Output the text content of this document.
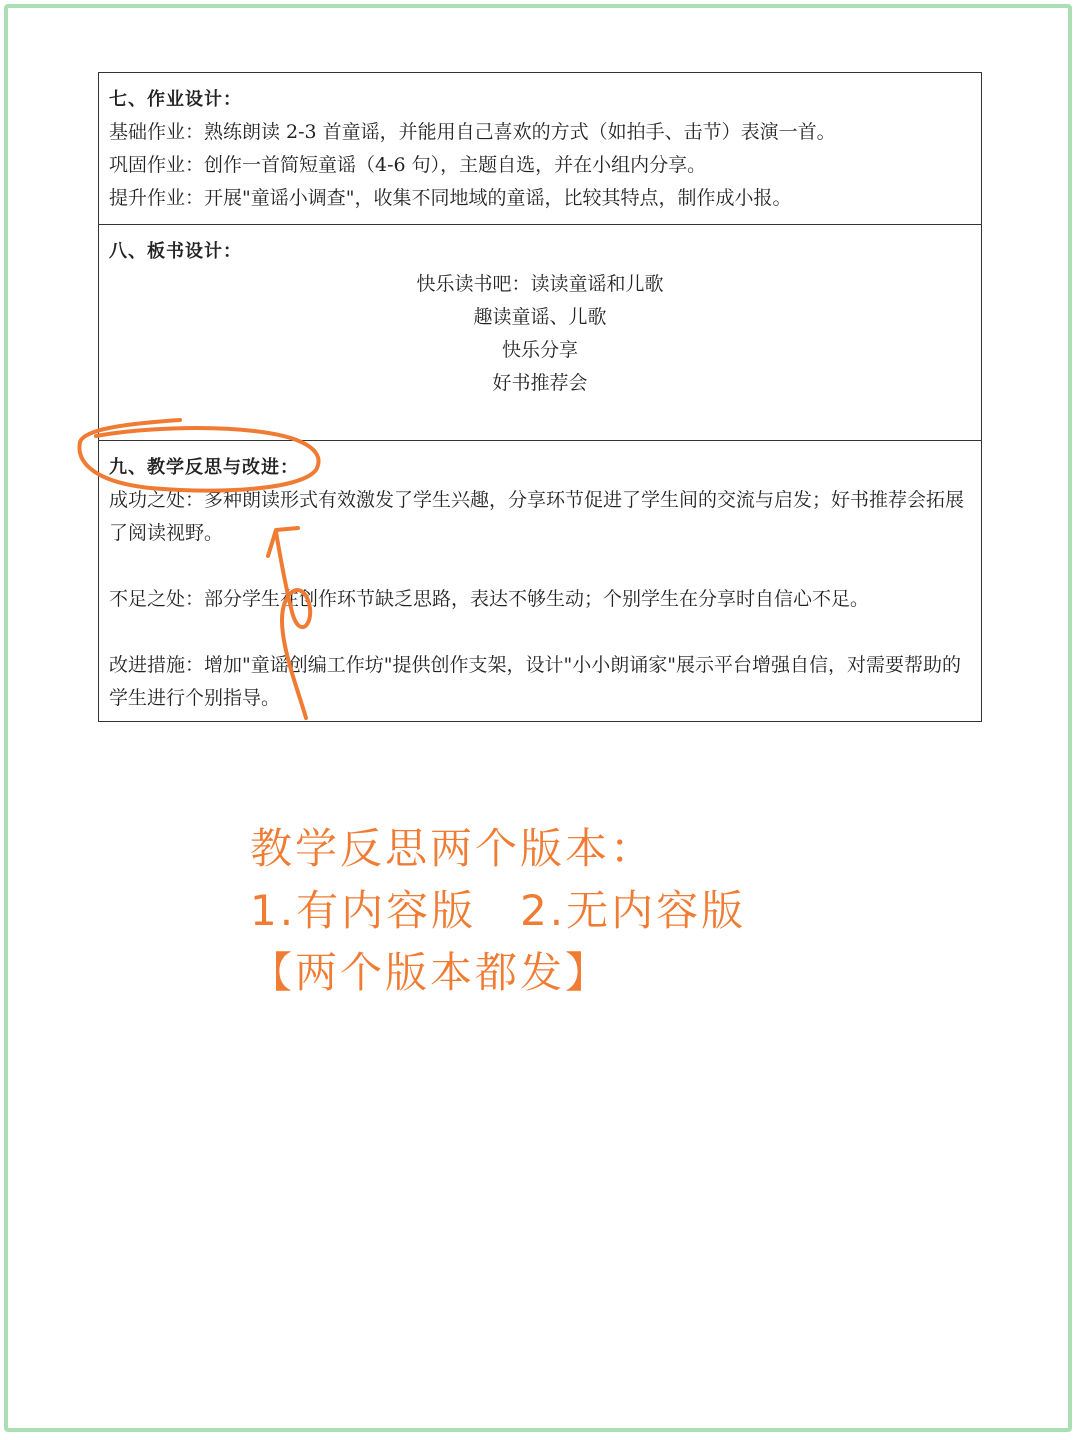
七、作业设计：
基础作业：熟练朗读 2-3 首童谣，并能用自己喜欢的方式（如拍手、击节）表演一首。
巩固作业：创作一首简短童谣（4-6 句），主题自选，并在小组内分享。
提升作业：开展"童谣小调查"，收集不同地域的童谣，比较其特点，制作成小报。
八、板书设计：
快乐读书吧：读读童谣和儿歌
趣读童谣、儿歌
快乐分享
好书推荐会
九、教学反思与改进：
成功之处：多种朗读形式有效激发了学生兴趣，分享环节促进了学生间的交流与启发；好书推荐会拓展了阅读视野。
不足之处：部分学生在创作环节缺乏思路，表达不够生动；个别学生在分享时自信心不足。
改进措施：增加"童谣创编工作坊"提供创作支架，设计"小小朗诵家"展示平台增强自信，对需要帮助的学生进行个别指导。
教学反思两个版本：
1.有内容版 2.无内容版
【两个版本都发】
